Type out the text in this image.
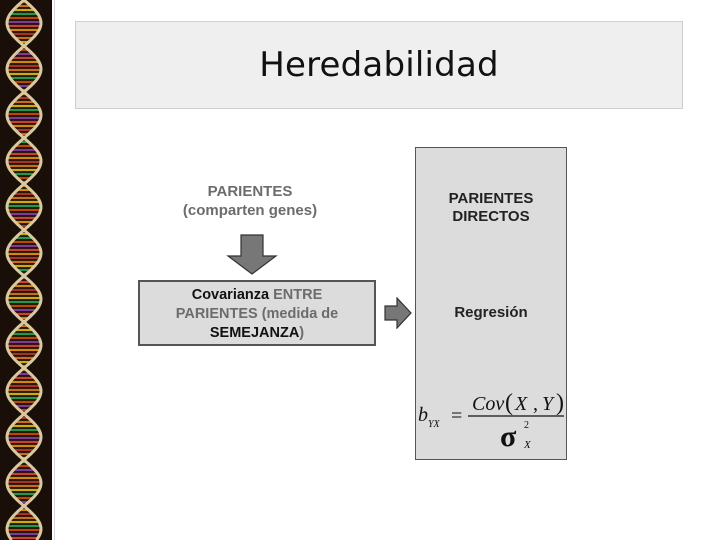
Heredabilidad
PARIENTES
(comparten genes)
Covarianza ENTRE
PARIENTES (medida de
SEMEJANZA)
PARIENTES
DIRECTOS
Regresión
b YX =
Cov ( X , Y )
σ 2
X
